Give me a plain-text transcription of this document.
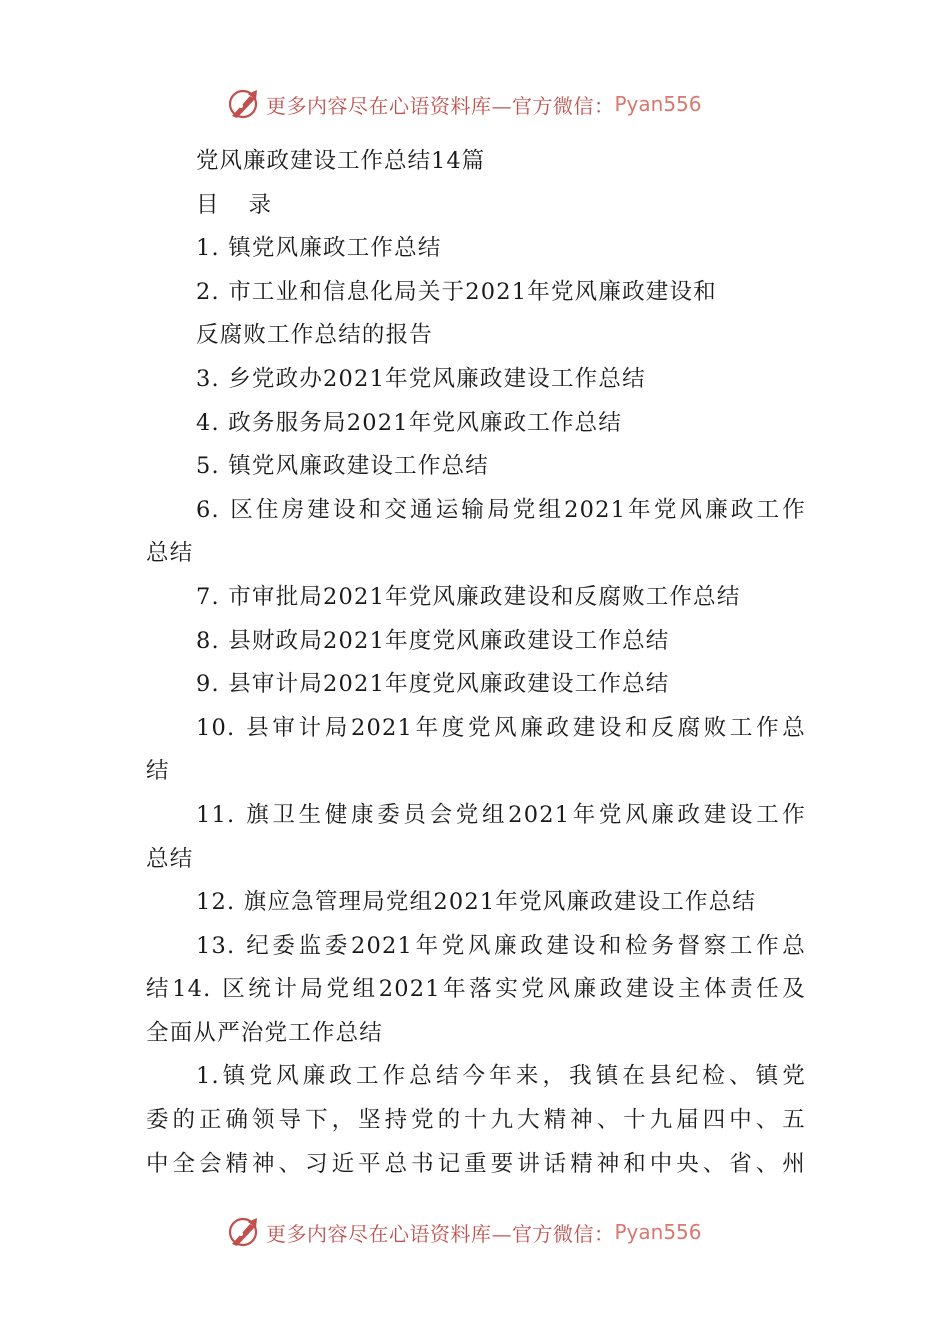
更多内容尽在心语资料库—官方微信： Pyan556
党风廉政建设工作总结14篇
目 录
1. 镇党风廉政工作总结
2. 市工业和信息化局关于2021年党风廉政建设和
反腐败工作总结的报告
3. 乡党政办2021年党风廉政建设工作总结
4. 政务服务局2021年党风廉政工作总结
5. 镇党风廉政建设工作总结
6. 区住房建设和交通运输局党组2021年党风廉政工作
总结
7. 市审批局2021年党风廉政建设和反腐败工作总结
8. 县财政局2021年度党风廉政建设工作总结
9. 县审计局2021年度党风廉政建设工作总结
10. 县审计局2021年度党风廉政建设和反腐败工作总
结
11. 旗卫生健康委员会党组2021年党风廉政建设工作
总结
12. 旗应急管理局党组2021年党风廉政建设工作总结
13. 纪委监委2021年党风廉政建设和检务督察工作总
结14. 区统计局党组2021年落实党风廉政建设主体责任及
全面从严治党工作总结
1.镇党风廉政工作总结今年来，我镇在县纪检、镇党
委的正确领导下，坚持党的十九大精神、十九届四中、五
中全会精神、习近平总书记重要讲话精神和中央、省、州
更多内容尽在心语资料库—官方微信： Pyan556
